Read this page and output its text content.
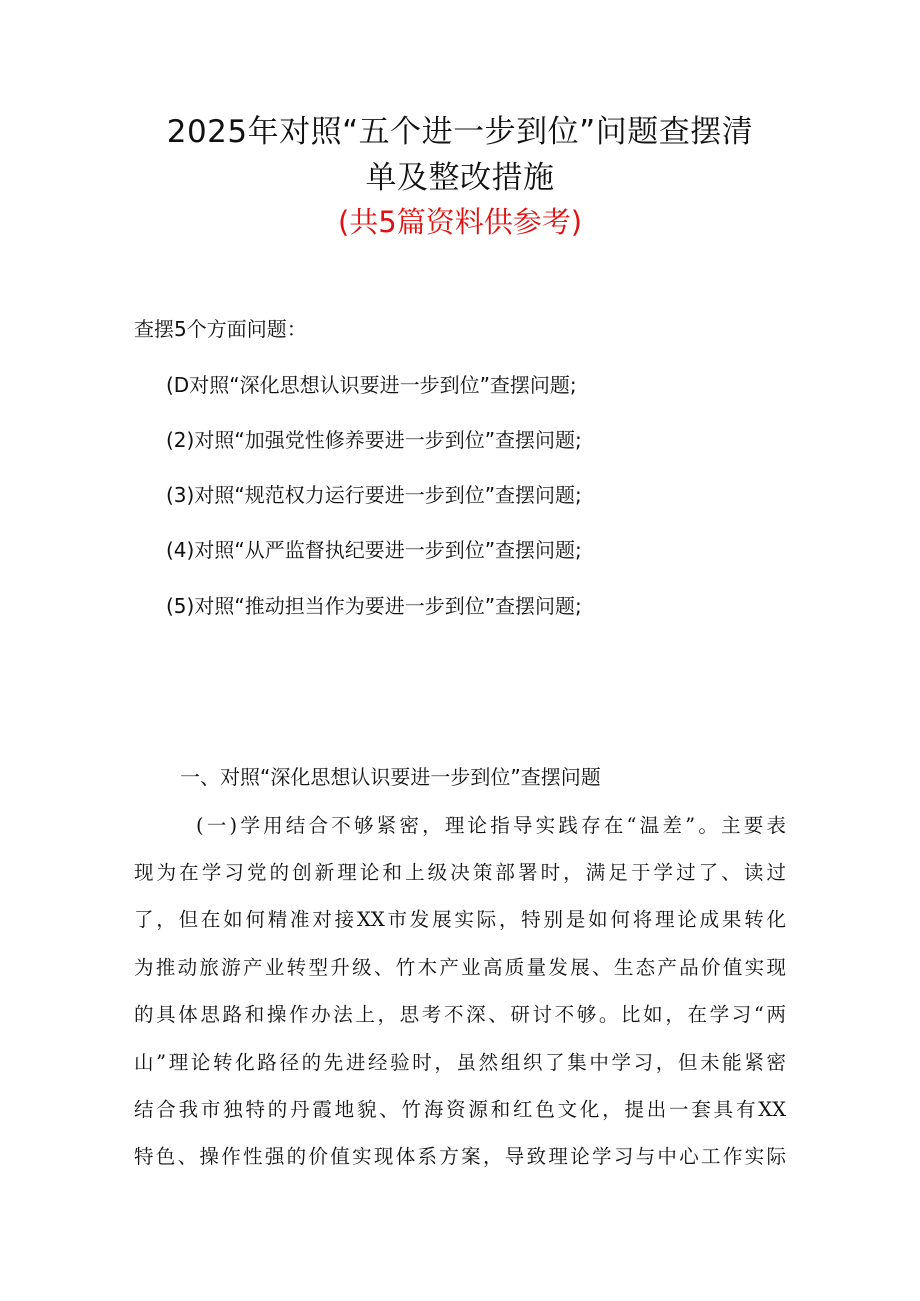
2025年对照“五个进一步到位”问题查摆清
单及整改措施
(共5篇资料供参考)
查摆5个方面问题：
(D对照“深化思想认识要进一步到位”查摆问题;
(2)对照“加强党性修养要进一步到位”查摆问题;
(3)对照“规范权力运行要进一步到位”查摆问题;
(4)对照“从严监督执纪要进一步到位”查摆问题;
(5)对照“推动担当作为要进一步到位”查摆问题;
一、对照“深化思想认识要进一步到位”查摆问题
(一)学用结合不够紧密，理论指导实践存在“温差”。主要表
现为在学习党的创新理论和上级决策部署时，满足于学过了、读过
了，但在如何精准对接XX市发展实际，特别是如何将理论成果转化
为推动旅游产业转型升级、竹木产业高质量发展、生态产品价值实现
的具体思路和操作办法上，思考不深、研讨不够。比如，在学习“两
山”理论转化路径的先进经验时，虽然组织了集中学习，但未能紧密
结合我市独特的丹霞地貌、竹海资源和红色文化，提出一套具有XX
特色、操作性强的价值实现体系方案，导致理论学习与中心工作实际
